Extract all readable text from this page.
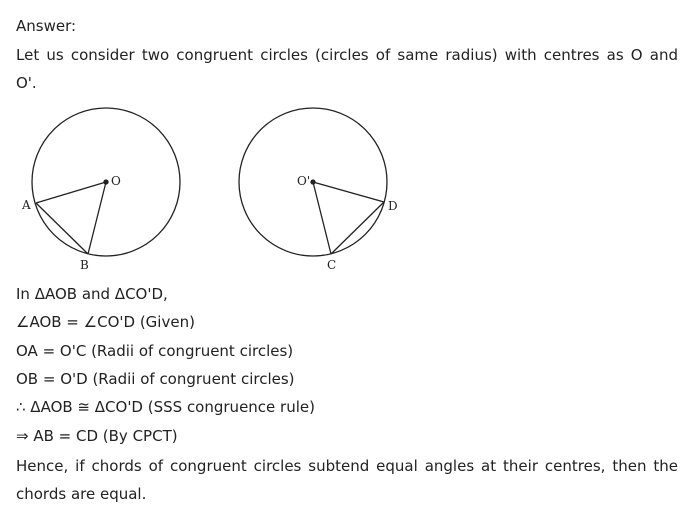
Answer:
Let us consider two congruent circles (circles of same radius) with centres as O and
O'.
O
A
B
O'
C
D
In ΔAOB and ΔCO'D,
∠AOB = ∠CO'D (Given)
OA = O'C (Radii of congruent circles)
OB = O'D (Radii of congruent circles)
∴ ΔAOB ≅ ΔCO'D (SSS congruence rule)
⇒ AB = CD (By CPCT)
Hence, if chords of congruent circles subtend equal angles at their centres, then the
chords are equal.
